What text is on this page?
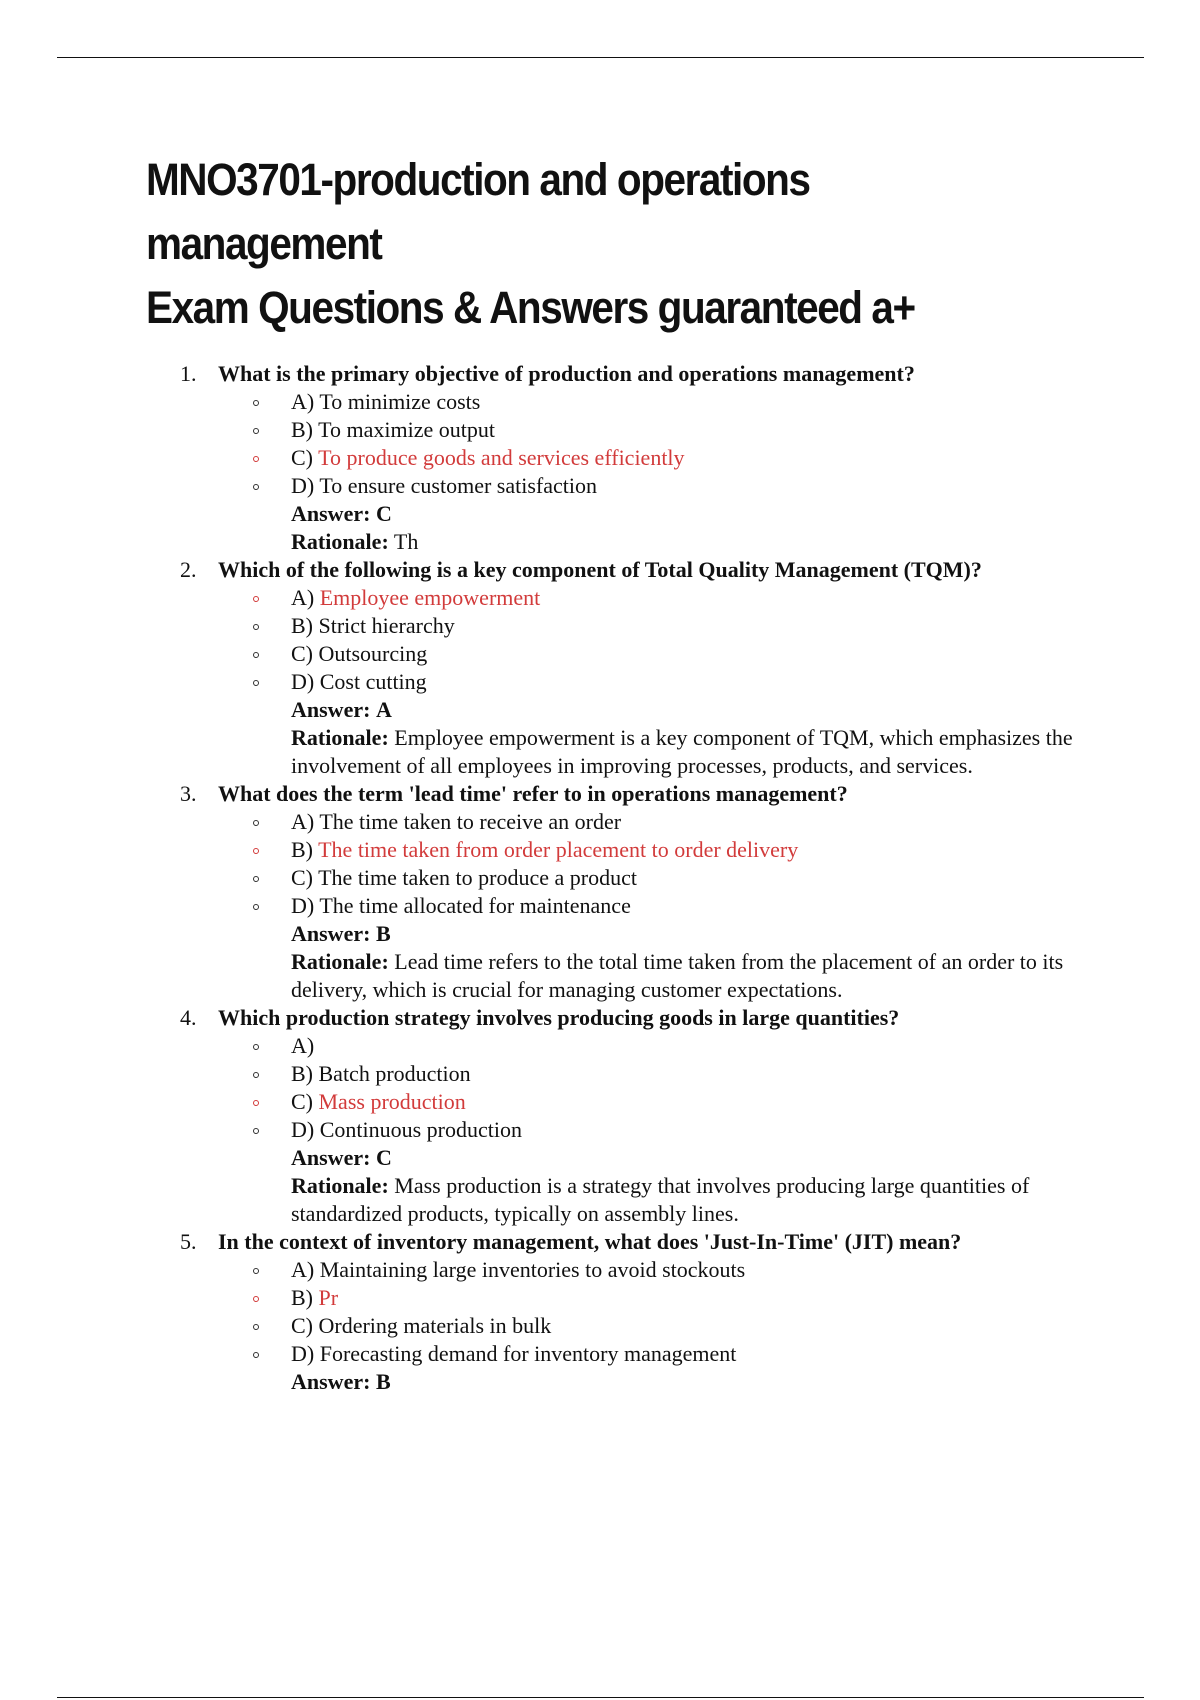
MNO3701-production and operations management
Exam Questions & Answers guaranteed a+
1. What is the primary objective of production and operations management?
A) To minimize costs
B) To maximize output
C) To produce goods and services efficiently
D) To ensure customer satisfaction
Answer: C
Rationale: Th
2. Which of the following is a key component of Total Quality Management (TQM)?
A) Employee empowerment
B) Strict hierarchy
C) Outsourcing
D) Cost cutting
Answer: A
Rationale: Employee empowerment is a key component of TQM, which emphasizes the involvement of all employees in improving processes, products, and services.
3. What does the term 'lead time' refer to in operations management?
A) The time taken to receive an order
B) The time taken from order placement to order delivery
C) The time taken to produce a product
D) The time allocated for maintenance
Answer: B
Rationale: Lead time refers to the total time taken from the placement of an order to its delivery, which is crucial for managing customer expectations.
4. Which production strategy involves producing goods in large quantities?
A)
B) Batch production
C) Mass production
D) Continuous production
Answer: C
Rationale: Mass production is a strategy that involves producing large quantities of standardized products, typically on assembly lines.
5. In the context of inventory management, what does 'Just-In-Time' (JIT) mean?
A) Maintaining large inventories to avoid stockouts
B) Pr
C) Ordering materials in bulk
D) Forecasting demand for inventory management
Answer: B
